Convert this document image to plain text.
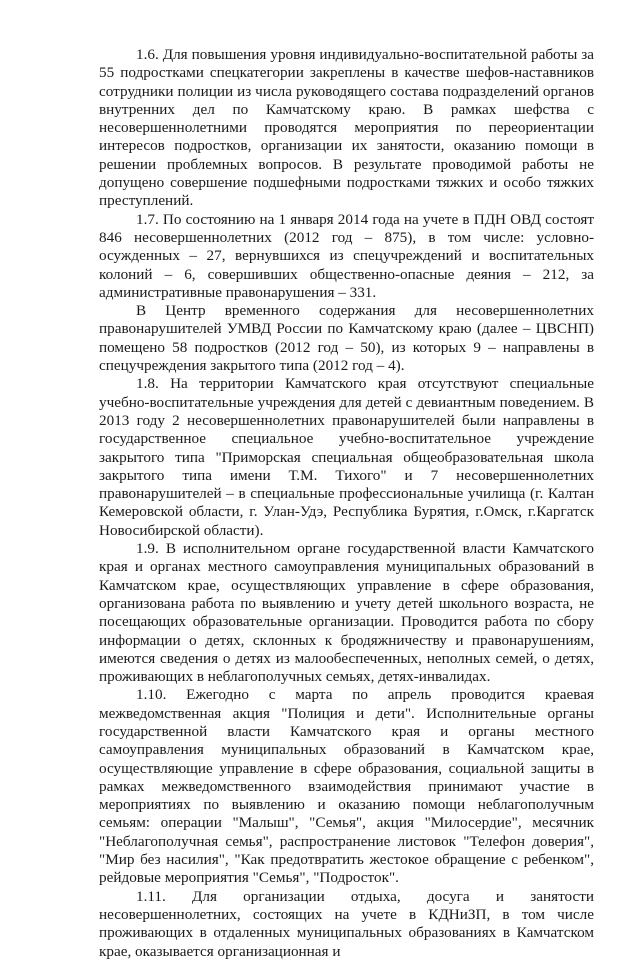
1.6. Для повышения уровня индивидуально-воспитательной работы за 55 подростками спецкатегории закреплены в качестве шефов-наставников сотрудники полиции из числа руководящего состава подразделений органов внутренних дел по Камчатскому краю. В рамках шефства с несовершеннолетними проводятся мероприятия по переориентации интересов подростков, организации их занятости, оказанию помощи в решении проблемных вопросов. В результате проводимой работы не допущено совершение подшефными подростками тяжких и особо тяжких преступлений.

1.7. По состоянию на 1 января 2014 года на учете в ПДН ОВД состоят 846 несовершеннолетних (2012 год – 875), в том числе: условно-осужденных – 27, вернувшихся из спецучреждений и воспитательных колоний – 6, совершивших общественно-опасные деяния – 212, за административные правонарушения – 331.

В Центр временного содержания для несовершеннолетних правонарушителей УМВД России по Камчатскому краю (далее – ЦВСНП) помещено 58 подростков (2012 год – 50), из которых 9 – направлены в спецучреждения закрытого типа (2012 год – 4).

1.8. На территории Камчатского края отсутствуют специальные учебно-воспитательные учреждения для детей с девиантным поведением. В 2013 году 2 несовершеннолетних правонарушителей были направлены в государственное специальное учебно-воспитательное учреждение закрытого типа "Приморская специальная общеобразовательная школа закрытого типа имени Т.М. Тихого" и 7 несовершеннолетних правонарушителей – в специальные профессиональные училища (г. Калтан Кемеровской области, г. Улан-Удэ, Республика Бурятия, г.Омск, г.Каргатск Новосибирской области).

1.9. В исполнительном органе государственной власти Камчатского края и органах местного самоуправления муниципальных образований в Камчатском крае, осуществляющих управление в сфере образования, организована работа по выявлению и учету детей школьного возраста, не посещающих образовательные организации. Проводится работа по сбору информации о детях, склонных к бродяжничеству и правонарушениям, имеются сведения о детях из малообеспеченных, неполных семей, о детях, проживающих в неблагополучных семьях, детях-инвалидах.

1.10. Ежегодно с марта по апрель проводится краевая межведомственная акция "Полиция и дети". Исполнительные органы государственной власти Камчатского края и органы местного самоуправления муниципальных образований в Камчатском крае, осуществляющие управление в сфере образования, социальной защиты в рамках межведомственного взаимодействия принимают участие в мероприятиях по выявлению и оказанию помощи неблагополучным семьям: операции "Малыш", "Семья", акция "Милосердие", месячник "Неблагополучная семья", распространение листовок "Телефон доверия", "Мир без насилия", "Как предотвратить жестокое обращение с ребенком", рейдовые мероприятия "Семья", "Подросток".

1.11. Для организации отдыха, досуга и занятости несовершеннолетних, состоящих на учете в КДНиЗП, в том числе проживающих в отдаленных муниципальных образованиях в Камчатском крае, оказывается организационная и
